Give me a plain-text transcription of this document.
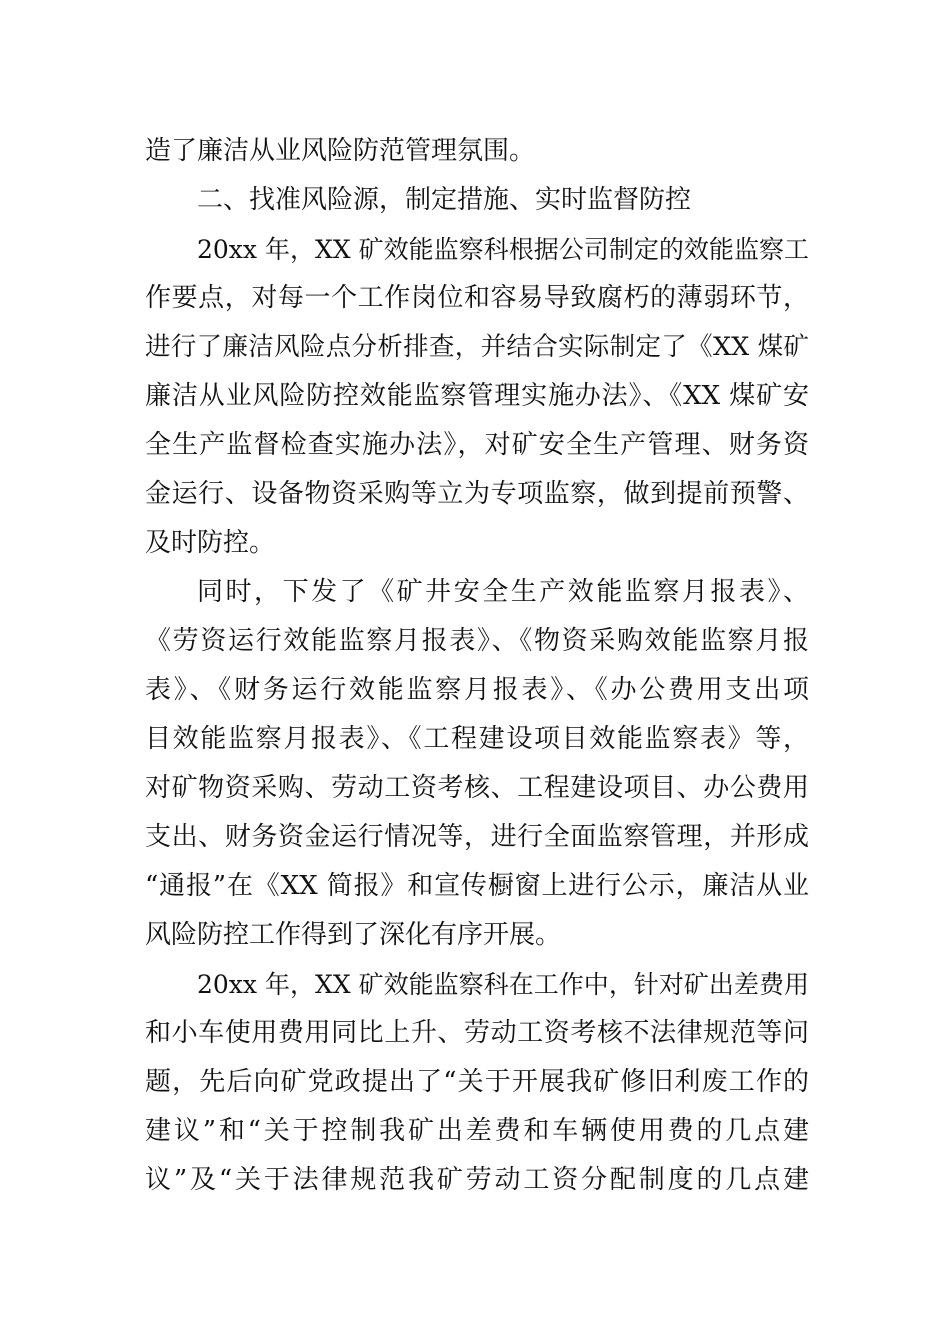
造了廉洁从业风险防范管理氛围。
二、找准风险源，制定措施、实时监督防控
20xx 年，XX 矿效能监察科根据公司制定的效能监察工
作要点，对每一个工作岗位和容易导致腐朽的薄弱环节，
进行了廉洁风险点分析排查，并结合实际制定了《XX 煤矿
廉洁从业风险防控效能监察管理实施办法》、《XX 煤矿安
全生产监督检查实施办法》，对矿安全生产管理、财务资
金运行、设备物资采购等立为专项监察，做到提前预警、
及时防控。
同时，下发了《矿井安全生产效能监察月报表》、
《劳资运行效能监察月报表》、《物资采购效能监察月报
表》、《财务运行效能监察月报表》、《办公费用支出项
目效能监察月报表》、《工程建设项目效能监察表》等，
对矿物资采购、劳动工资考核、工程建设项目、办公费用
支出、财务资金运行情况等，进行全面监察管理，并形成
“通报”在《XX 简报》和宣传橱窗上进行公示，廉洁从业
风险防控工作得到了深化有序开展。
20xx 年，XX 矿效能监察科在工作中，针对矿出差费用
和小车使用费用同比上升、劳动工资考核不法律规范等问
题，先后向矿党政提出了“关于开展我矿修旧利废工作的
建议”和“关于控制我矿出差费和车辆使用费的几点建
议”及“关于法律规范我矿劳动工资分配制度的几点建
